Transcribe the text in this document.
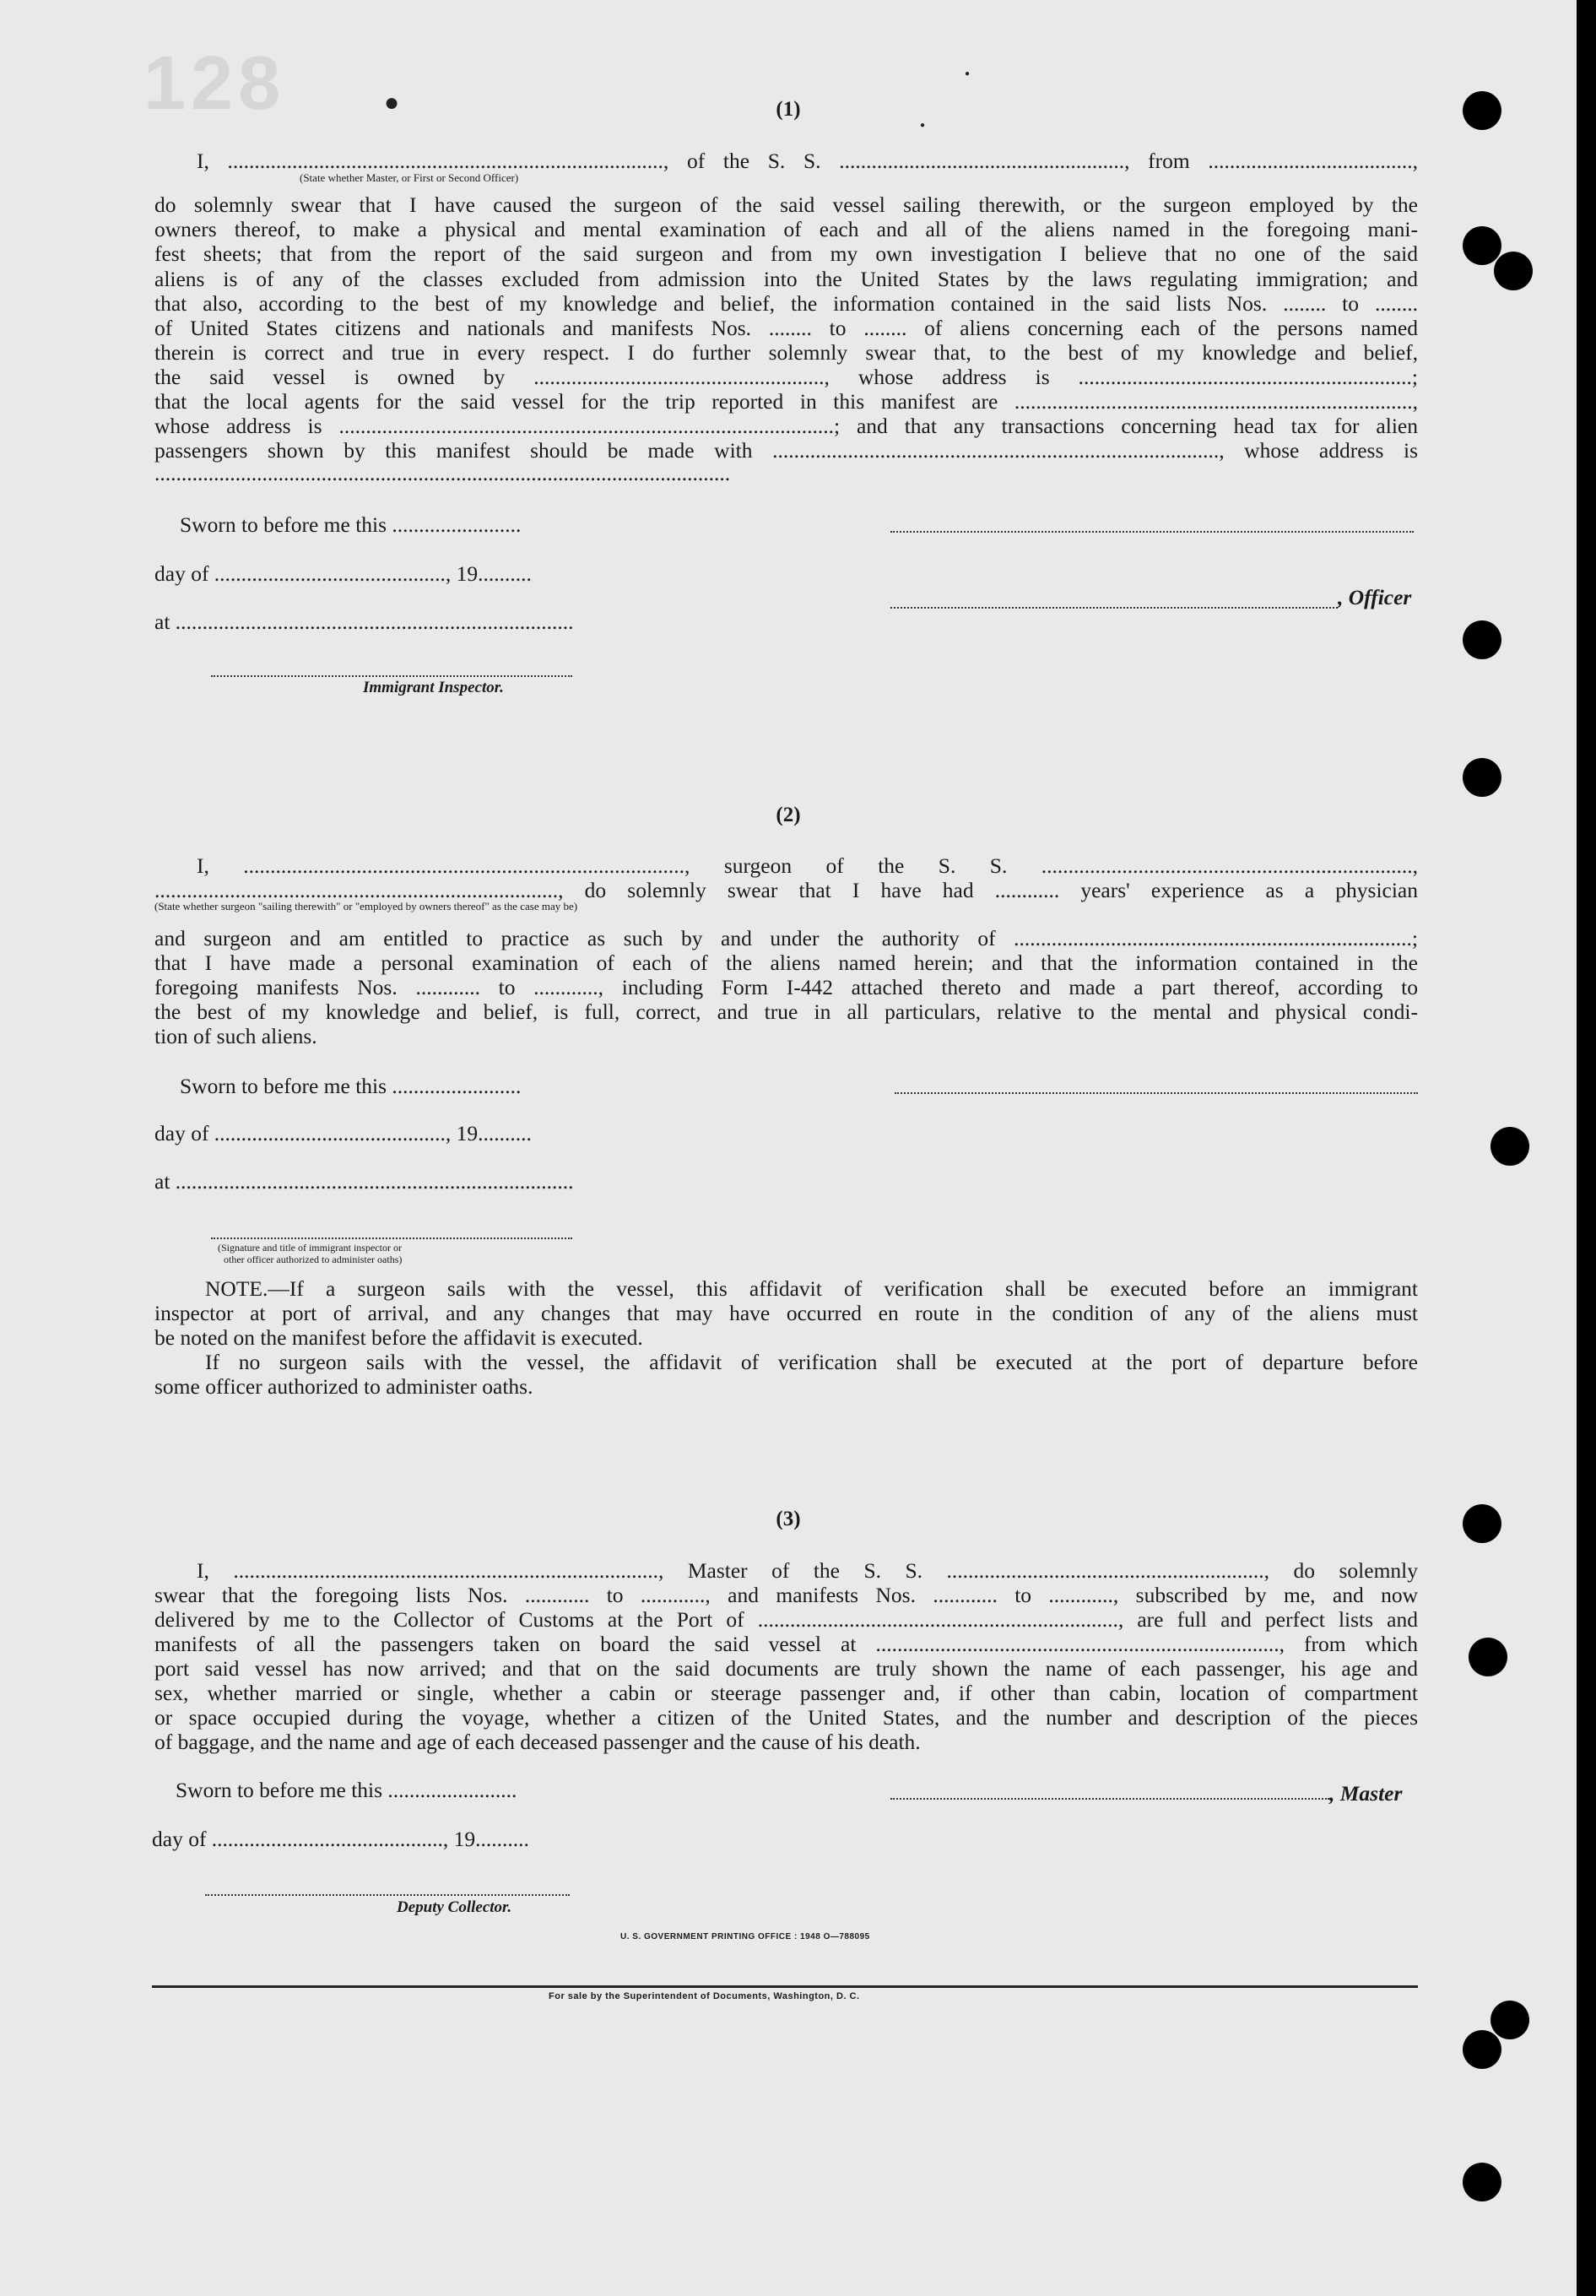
128	●
●
●
(1)
I, ................................................................................., of the S. S. ....................................................., from ......................................,
(State whether Master, or First or Second Officer)
do solemnly swear that I have caused the surgeon of the said vessel sailing therewith, or the surgeon employed by the
owners thereof, to make a physical and mental examination of each and all of the aliens named in the foregoing mani-
fest sheets; that from the report of the said surgeon and from my own investigation I believe that no one of the said
aliens is of any of the classes excluded from admission into the United States by the laws regulating immigration; and
that also, according to the best of my knowledge and belief, the information contained in the said lists Nos. ........ to ........
of United States citizens and nationals and manifests Nos. ........ to ........ of aliens concerning each of the persons named
therein is correct and true in every respect. I do further solemnly swear that, to the best of my knowledge and belief,
the said vessel is owned by ......................................................, whose address is ..............................................................;
that the local agents for the said vessel for the trip reported in this manifest are ..........................................................................,
whose address is ............................................................................................; and that any transactions concerning head tax for alien
passengers shown by this manifest should be made with ..................................................................................., whose address is
...........................................................................................................
Sworn to before me this ........................
day of ..........................................., 19..........
, Officer
at ..........................................................................
Immigrant Inspector.
(2)
I, .................................................................................., surgeon of the S. S. .....................................................................,
..........................................................................., do solemnly swear that I have had ............ years' experience as a physician
(State whether surgeon "sailing therewith" or "employed by owners thereof" as the case may be)
and surgeon and am entitled to practice as such by and under the authority of ..........................................................................;
that I have made a personal examination of each of the aliens named herein; and that the information contained in the
foregoing manifests Nos. ............ to ............, including Form I-442 attached thereto and made a part thereof, according to
the best of my knowledge and belief, is full, correct, and true in all particulars, relative to the mental and physical condi-
tion of such aliens.
Sworn to before me this ........................
day of ..........................................., 19..........
at ..........................................................................
(Signature and title of immigrant inspector or
other officer authorized to administer oaths)
NOTE.—If a surgeon sails with the vessel, this affidavit of verification shall be executed before an immigrant
inspector at port of arrival, and any changes that may have occurred en route in the condition of any of the aliens must
be noted on the manifest before the affidavit is executed.
If no surgeon sails with the vessel, the affidavit of verification shall be executed at the port of departure before
some officer authorized to administer oaths.
(3)
I, ..............................................................................., Master of the S. S. ..........................................................., do solemnly
swear that the foregoing lists Nos. ............ to ............, and manifests Nos. ............ to ............, subscribed by me, and now
delivered by me to the Collector of Customs at the Port of ..................................................................., are full and perfect lists and
manifests of all the passengers taken on board the said vessel at ..........................................................................., from which
port said vessel has now arrived; and that on the said documents are truly shown the name of each passenger, his age and
sex, whether married or single, whether a cabin or steerage passenger and, if other than cabin, location of compartment
or space occupied during the voyage, whether a citizen of the United States, and the number and description of the pieces
of baggage, and the name and age of each deceased passenger and the cause of his death.
Sworn to before me this ........................	, Master
day of ..........................................., 19..........
Deputy Collector.
U. S. GOVERNMENT PRINTING OFFICE : 1948 O—788095
For sale by the Superintendent of Documents, Washington, D. C.
